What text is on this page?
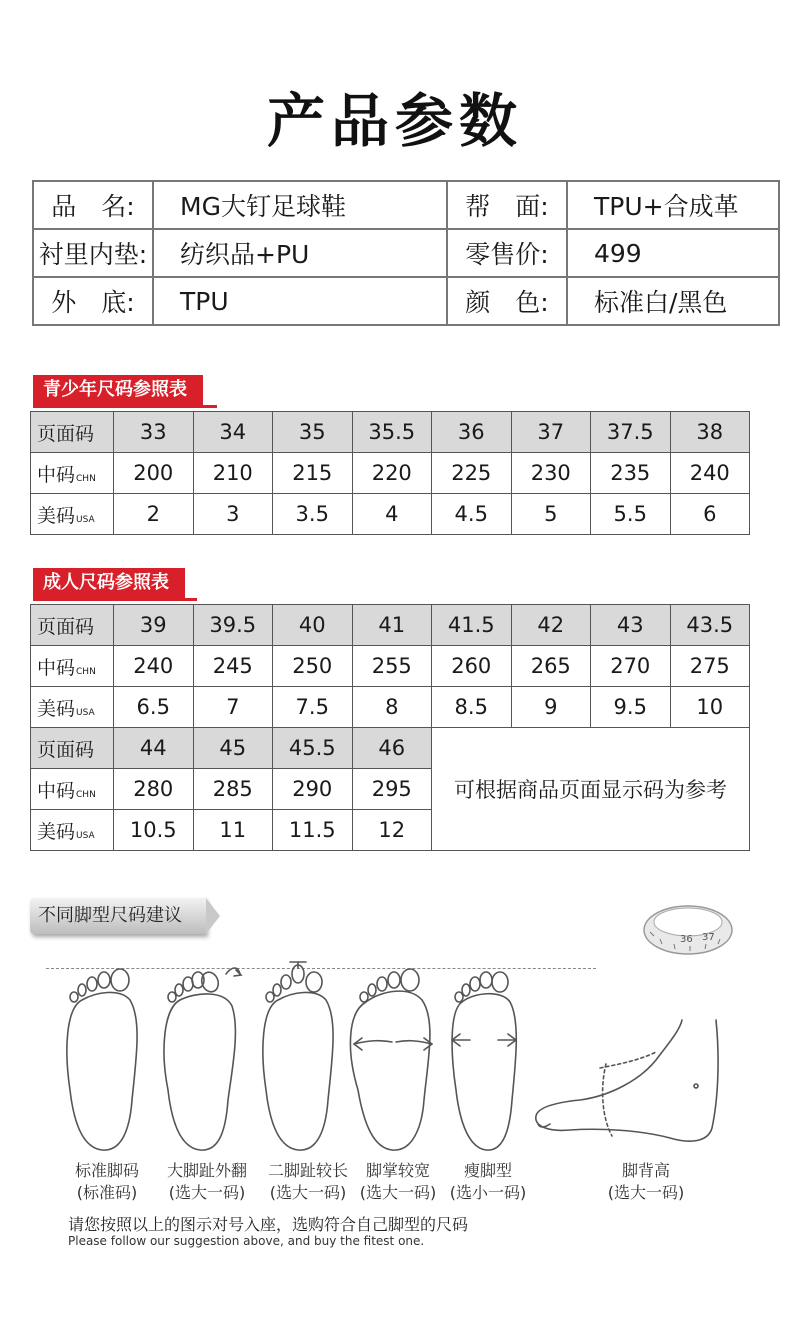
产品参数
品　名:	MG大钉足球鞋	帮　面:	TPU+合成革
衬里内垫:	纺织品+PU	零售价:	499
外　底:	TPU	颜　色:	标准白/黑色
青少年尺码参照表
页面码	33	34	35	35.5	36	37	37.5	38
中码CHN	200	210	215	220	225	230	235	240
美码USA	2	3	3.5	4	4.5	5	5.5	6
成人尺码参照表
页面码	39	39.5	40	41	41.5	42	43	43.5
中码CHN	240	245	250	255	260	265	270	275
美码USA	6.5	7	7.5	8	8.5	9	9.5	10
页面码	44	45	45.5	46	可根据商品页面显示码为参考			
中码CHN	280	285	290	295				
美码USA	10.5	11	11.5	12				
不同脚型尺码建议
36 37
标准脚码
(标准码)
大脚趾外翻
(选大一码)
二脚趾较长
(选大一码)
脚掌较宽
(选大一码)
瘦脚型
(选小一码)
脚背高
(选大一码)
请您按照以上的图示对号入座，选购符合自己脚型的尺码
Please follow our suggestion above, and buy the fitest one.
